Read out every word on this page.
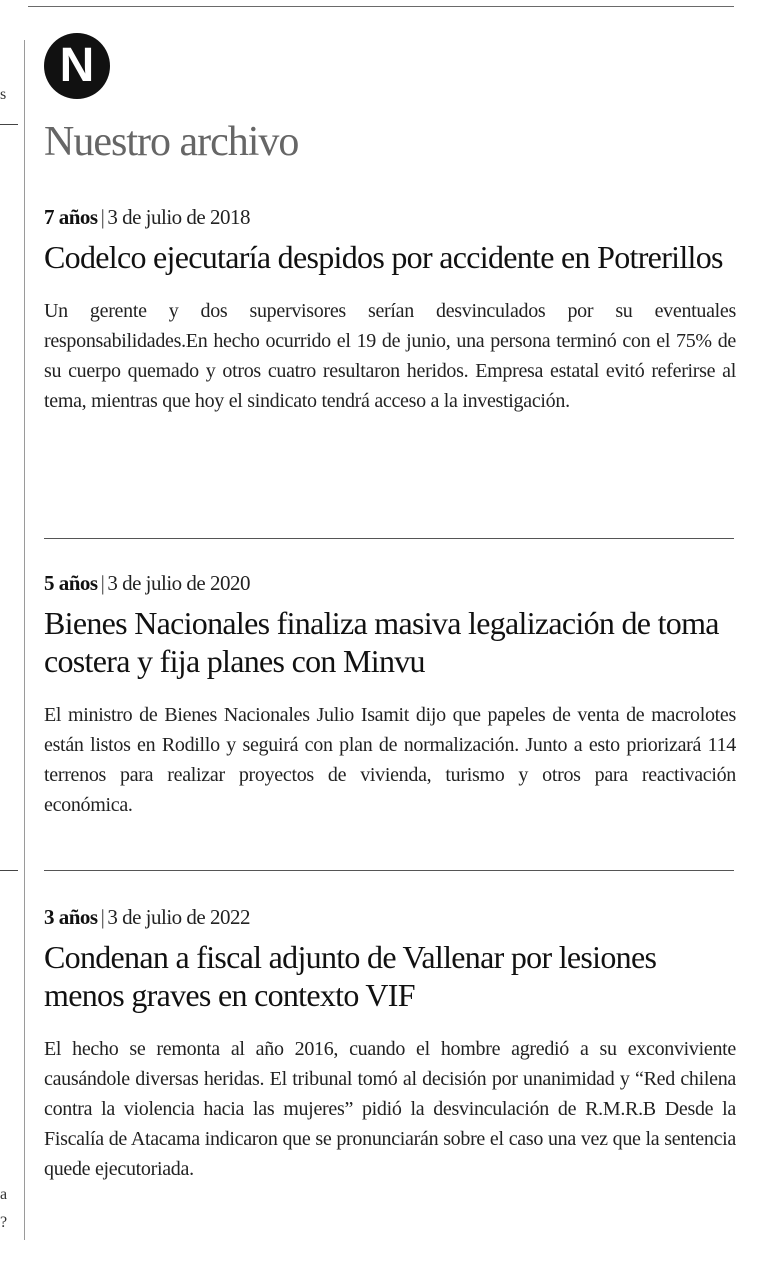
s
a
?
N
Nuestro archivo

7 años | 3 de julio de 2018

Codelco ejecutaría despidos por accidente en Potrerillos

Un gerente y dos supervisores serían desvinculados por su eventuales responsabilidades.En hecho ocurrido el 19 de junio, una persona terminó con el 75% de su cuerpo quemado y otros cuatro resultaron heridos. Empresa estatal evitó referirse al tema, mientras que hoy el sindicato tendrá acceso a la investigación.

5 años | 3 de julio de 2020

Bienes Nacionales finaliza masiva legalización de toma costera y fija planes con Minvu

El ministro de Bienes Nacionales Julio Isamit dijo que papeles de venta de macrolotes están listos en Rodillo y seguirá con plan de normalización. Junto a esto priorizará 114 terrenos para realizar proyectos de vivienda, turismo y otros para reactivación económica.

3 años | 3 de julio de 2022

Condenan a fiscal adjunto de Vallenar por lesiones menos graves en contexto VIF

El hecho se remonta al año 2016, cuando el hombre agredió a su exconviviente causándole diversas heridas. El tribunal tomó al decisión por unanimidad y “Red chilena contra la violencia hacia las mujeres” pidió la desvinculación de R.M.R.B Desde la Fiscalía de Atacama indicaron que se pronunciarán sobre el caso una vez que la sentencia quede ejecutoriada.
